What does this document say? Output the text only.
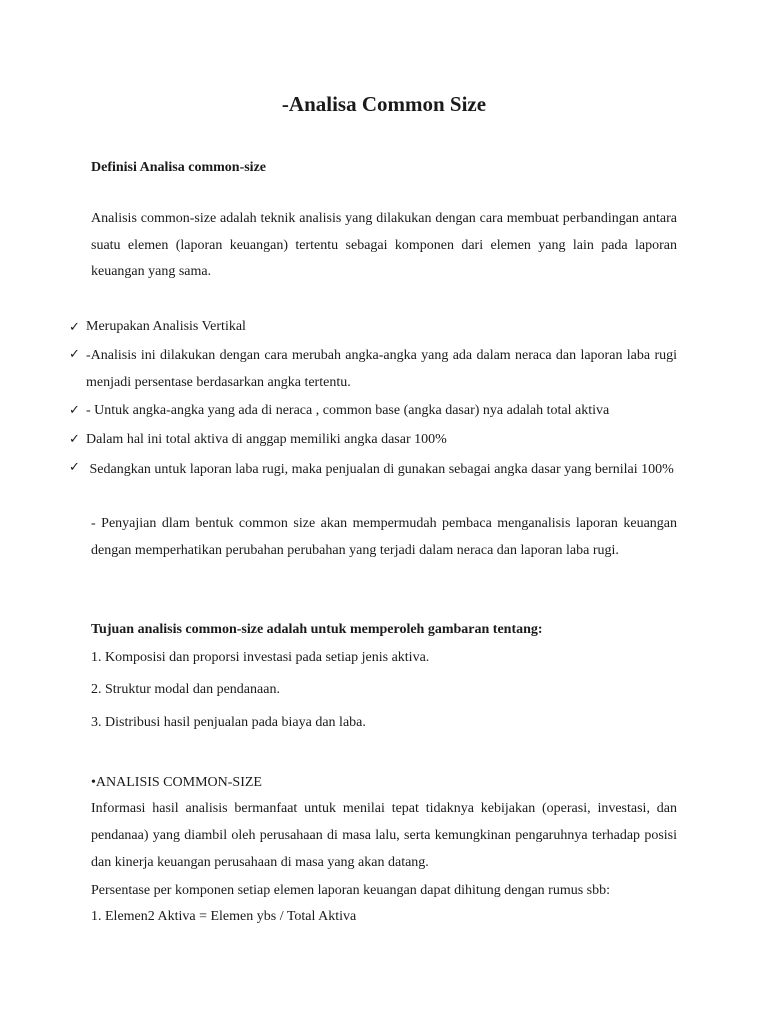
-Analisa Common Size
Definisi Analisa common-size
Analisis common-size adalah teknik analisis yang dilakukan dengan cara membuat perbandingan antara suatu elemen (laporan keuangan) tertentu sebagai komponen dari elemen yang lain pada laporan keuangan yang sama.
✓ Merupakan Analisis Vertikal
✓ -Analisis ini dilakukan dengan cara merubah angka-angka yang ada dalam neraca dan laporan laba rugi menjadi persentase berdasarkan angka tertentu.
✓ - Untuk angka-angka yang ada di neraca , common base (angka dasar) nya adalah total aktiva
✓ Dalam hal ini total aktiva di anggap memiliki angka dasar 100%
✓ Sedangkan untuk laporan laba rugi, maka penjualan di gunakan sebagai angka dasar yang bernilai 100%
- Penyajian dlam bentuk common size akan mempermudah pembaca menganalisis laporan keuangan dengan memperhatikan perubahan perubahan yang terjadi dalam neraca dan laporan laba rugi.
Tujuan analisis common-size adalah untuk memperoleh gambaran tentang:
1. Komposisi dan proporsi investasi pada setiap jenis aktiva.
2. Struktur modal dan pendanaan.
3. Distribusi hasil penjualan pada biaya dan laba.
•ANALISIS COMMON-SIZE
Informasi hasil analisis bermanfaat untuk menilai tepat tidaknya kebijakan (operasi, investasi, dan pendanaa) yang diambil oleh perusahaan di masa lalu, serta kemungkinan pengaruhnya terhadap posisi dan kinerja keuangan perusahaan di masa yang akan datang.
Persentase per komponen setiap elemen laporan keuangan dapat dihitung dengan rumus sbb:
1. Elemen2 Aktiva = Elemen ybs / Total Aktiva
